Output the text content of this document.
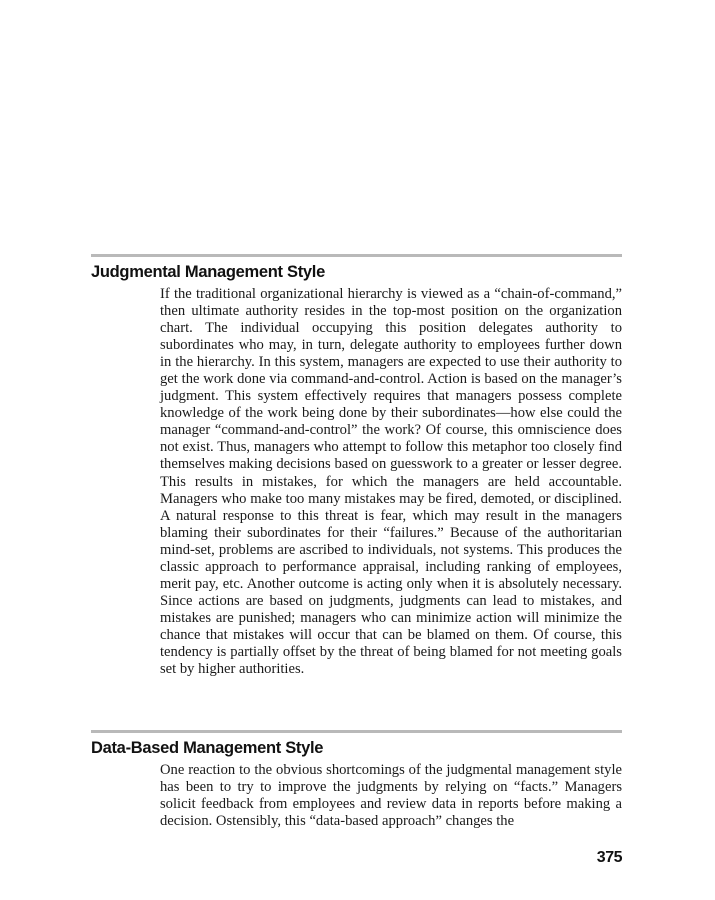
Judgmental Management Style
If the traditional organizational hierarchy is viewed as a “chain-of-command,” then ultimate authority resides in the top-most position on the organization chart. The individual occupying this position delegates authority to subordinates who may, in turn, delegate authority to employees further down in the hierarchy. In this system, managers are expected to use their authority to get the work done via command-and-control. Action is based on the manager’s judgment. This system effectively requires that managers possess complete knowledge of the work being done by their subordinates—how else could the manager “command-and-control” the work? Of course, this omniscience does not exist. Thus, managers who attempt to follow this metaphor too closely find themselves making decisions based on guesswork to a greater or lesser degree. This results in mistakes, for which the managers are held accountable. Managers who make too many mistakes may be fired, demoted, or disciplined. A natural response to this threat is fear, which may result in the managers blaming their subordinates for their “failures.” Because of the authoritarian mind-set, problems are ascribed to individuals, not systems. This produces the classic approach to performance appraisal, including ranking of employees, merit pay, etc. Another outcome is acting only when it is absolutely necessary. Since actions are based on judgments, judgments can lead to mistakes, and mistakes are punished; managers who can minimize action will minimize the chance that mistakes will occur that can be blamed on them. Of course, this tendency is partially offset by the threat of being blamed for not meeting goals set by higher authorities.
Data-Based Management Style
One reaction to the obvious shortcomings of the judgmental management style has been to try to improve the judgments by relying on “facts.” Managers solicit feedback from employees and review data in reports before making a decision. Ostensibly, this “data-based approach” changes the
375
